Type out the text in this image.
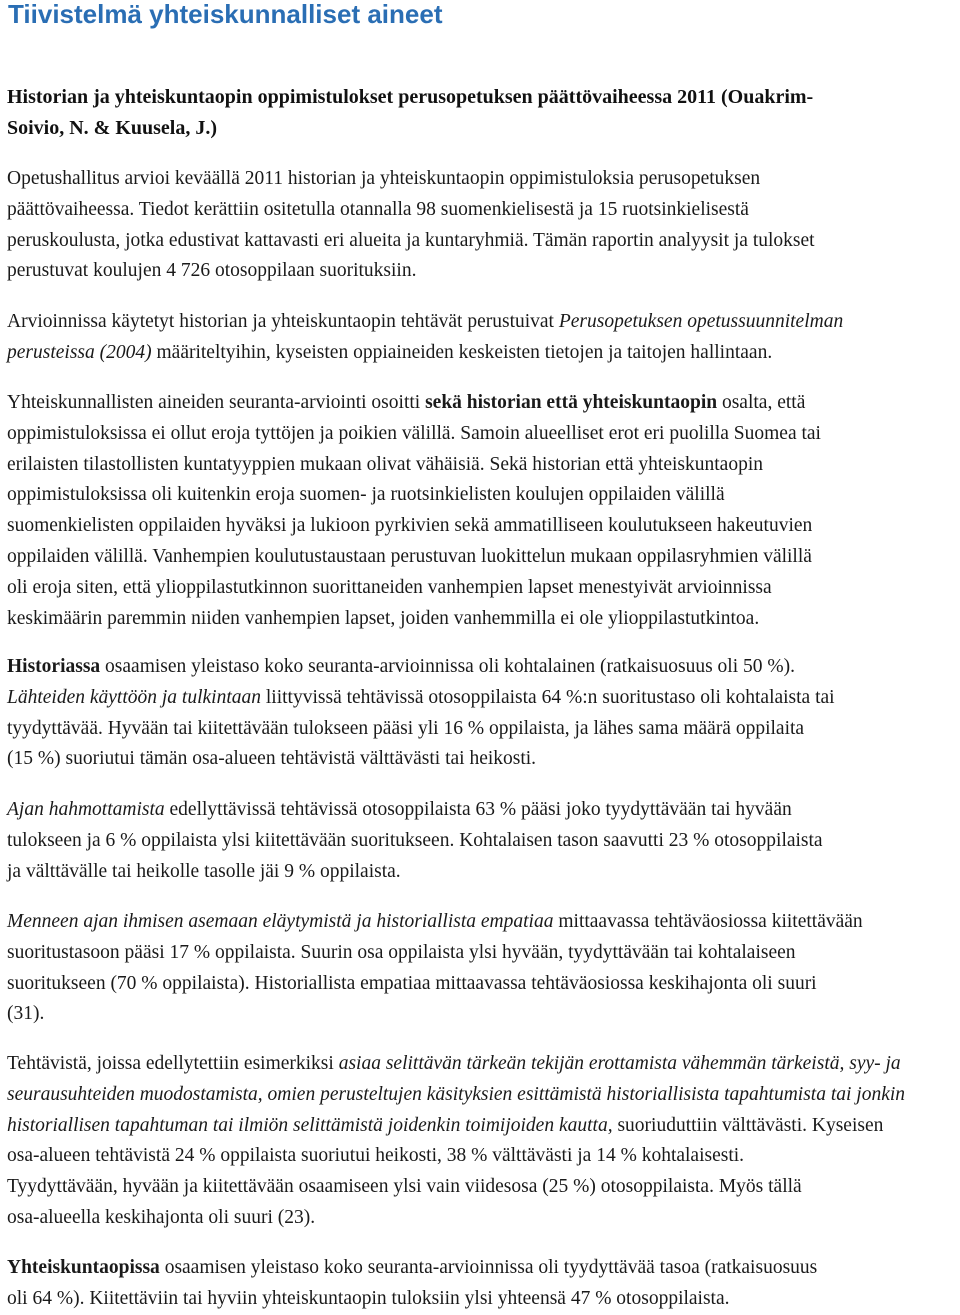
Tiivistelmä yhteiskunnalliset aineet
Historian ja yhteiskuntaopin oppimistulokset perusopetuksen päättövaiheessa 2011 (Ouakrim-
Soivio, N. & Kuusela, J.)
Opetushallitus arvioi keväällä 2011 historian ja yhteiskuntaopin oppimistuloksia perusopetuksen
päättövaiheessa. Tiedot kerättiin ositetulla otannalla 98 suomenkielisestä ja 15 ruotsinkielisestä
peruskoulusta, jotka edustivat kattavasti eri alueita ja kuntaryhmiä. Tämän raportin analyysit ja tulokset
perustuvat koulujen 4 726 otosoppilaan suorituksiin.
Arvioinnissa käytetyt historian ja yhteiskuntaopin tehtävät perustuivat Perusopetuksen opetussuunnitelman
perusteissa (2004) määriteltyihin, kyseisten oppiaineiden keskeisten tietojen ja taitojen hallintaan.
Yhteiskunnallisten aineiden seuranta-arviointi osoitti sekä historian että yhteiskuntaopin osalta, että
oppimistuloksissa ei ollut eroja tyttöjen ja poikien välillä. Samoin alueelliset erot eri puolilla Suomea tai
erilaisten tilastollisten kuntatyyppien mukaan olivat vähäisiä. Sekä historian että yhteiskuntaopin
oppimistuloksissa oli kuitenkin eroja suomen- ja ruotsinkielisten koulujen oppilaiden välillä
suomenkielisten oppilaiden hyväksi ja lukioon pyrkivien sekä ammatilliseen koulutukseen hakeutuvien
oppilaiden välillä. Vanhempien koulutustaustaan perustuvan luokittelun mukaan oppilasryhmien välillä
oli eroja siten, että ylioppilastutkinnon suorittaneiden vanhempien lapset menestyivät arvioinnissa
keskimäärin paremmin niiden vanhempien lapset, joiden vanhemmilla ei ole ylioppilastutkintoa.
Historiassa osaamisen yleistaso koko seuranta-arvioinnissa oli kohtalainen (ratkaisuosuus oli 50 %).
Lähteiden käyttöön ja tulkintaan liittyvissä tehtävissä otosoppilaista 64 %:n suoritustaso oli kohtalaista tai
tyydyttävää. Hyvään tai kiitettävään tulokseen pääsi yli 16 % oppilaista, ja lähes sama määrä oppilaita
(15 %) suoriutui tämän osa-alueen tehtävistä välttävästi tai heikosti.
Ajan hahmottamista edellyttävissä tehtävissä otosoppilaista 63 % pääsi joko tyydyttävään tai hyvään
tulokseen ja 6 % oppilaista ylsi kiitettävään suoritukseen. Kohtalaisen tason saavutti 23 % otosoppilaista
ja välttävälle tai heikolle tasolle jäi 9 % oppilaista.
Menneen ajan ihmisen asemaan eläytymistä ja historiallista empatiaa mittaavassa tehtäväosiossa kiitettävään
suoritustasoon pääsi 17 % oppilaista. Suurin osa oppilaista ylsi hyvään, tyydyttävään tai kohtalaiseen
suoritukseen (70 % oppilaista). Historiallista empatiaa mittaavassa tehtäväosiossa keskihajonta oli suuri
(31).
Tehtävistä, joissa edellytettiin esimerkiksi asiaa selittävän tärkeän tekijän erottamista vähemmän tärkeistä, syy- ja
seurausuhteiden muodostamista, omien perusteltujen käsityksien esittämistä historiallisista tapahtumista tai jonkin
historiallisen tapahtuman tai ilmiön selittämistä joidenkin toimijoiden kautta, suoriuduttiin välttävästi. Kyseisen
osa-alueen tehtävistä 24 % oppilaista suoriutui heikosti, 38 % välttävästi ja 14 % kohtalaisesti.
Tyydyttävään, hyvään ja kiitettävään osaamiseen ylsi vain viidesosa (25 %) otosoppilaista. Myös tällä
osa-alueella keskihajonta oli suuri (23).
Yhteiskuntaopissa osaamisen yleistaso koko seuranta-arvioinnissa oli tyydyttävää tasoa (ratkaisuosuus
oli 64 %). Kiitettäviin tai hyviin yhteiskuntaopin tuloksiin ylsi yhteensä 47 % otosoppilaista.
